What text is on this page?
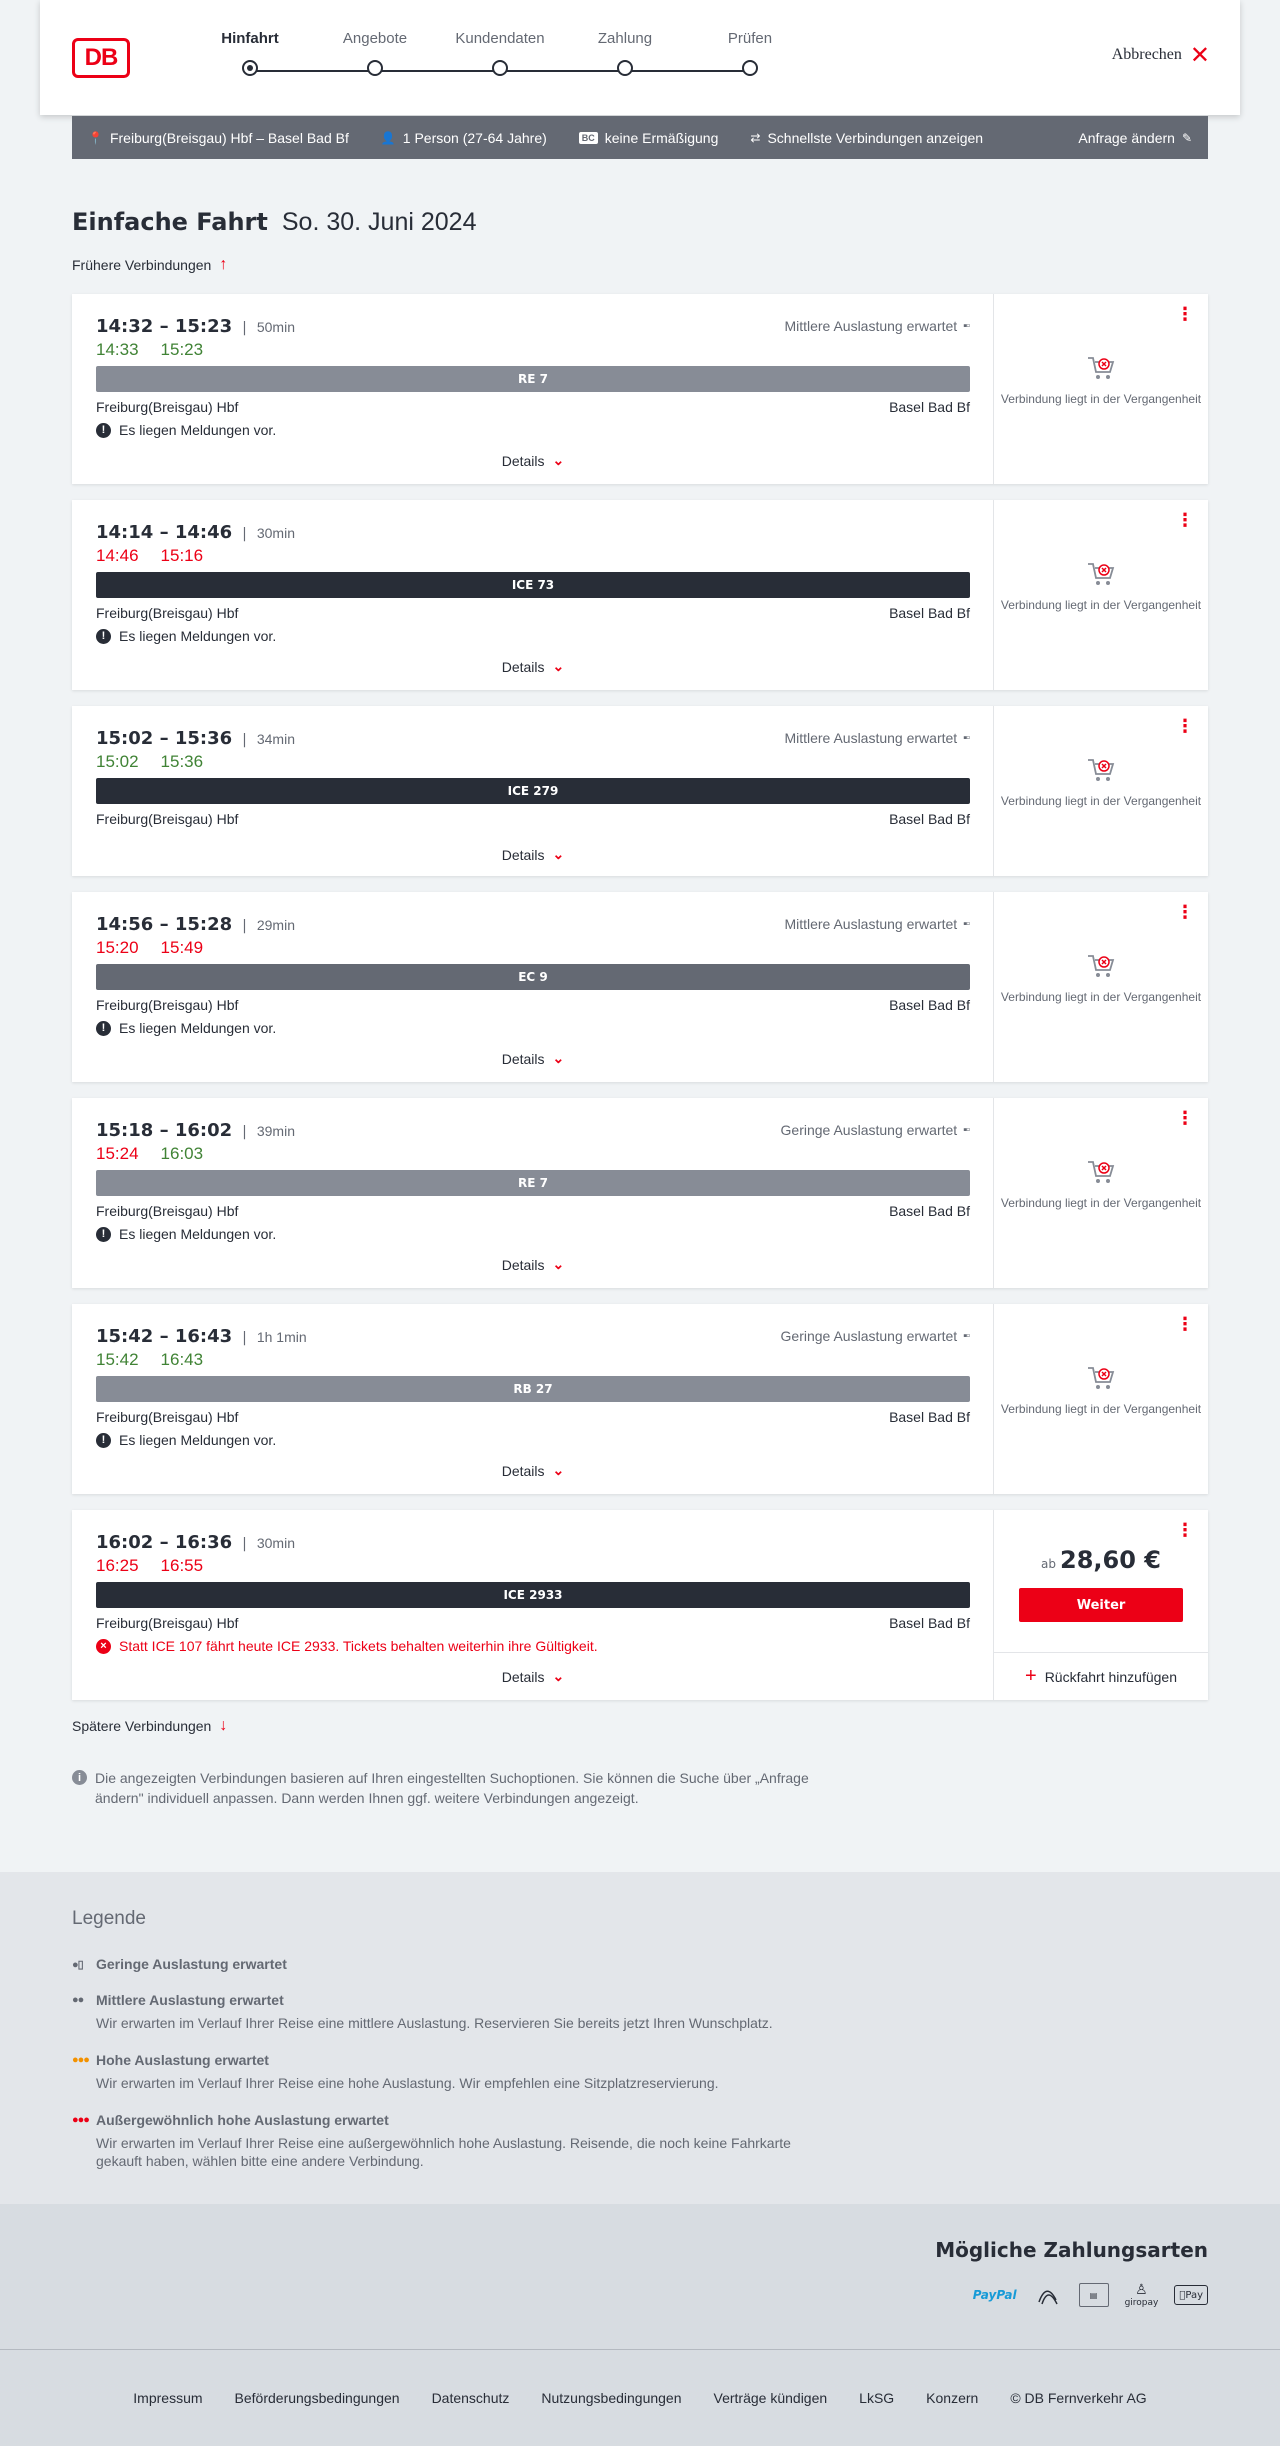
DB
Hinfahrt	Angebote	Kundendaten	Zahlung	Prüfen
Abbrechen ✕
📍 Freiburg(Breisgau) Hbf – Basel Bad Bf	👤 1 Person (27-64 Jahre)	BC keine Ermäßigung	⇄ Schnellste Verbindungen anzeigen	Anfrage ändern ✎
Einfache Fahrt So. 30. Juni 2024
Frühere Verbindungen ↑
14:32 – 15:23 | 50min
14:33 15:23
Mittlere Auslastung erwartet ▪▫
RE 7
Freiburg(Breisgau) Hbf	Basel Bad Bf
! Es liegen Meldungen vor.
Details ⌄
⋮
Verbindung liegt in der Vergangenheit
14:14 – 14:46 | 30min
14:46 15:16
ICE 73
Freiburg(Breisgau) Hbf	Basel Bad Bf
! Es liegen Meldungen vor.
Details ⌄
⋮
Verbindung liegt in der Vergangenheit
15:02 – 15:36 | 34min
15:02 15:36
Mittlere Auslastung erwartet ▪▫
ICE 279
Freiburg(Breisgau) Hbf	Basel Bad Bf
Details ⌄
⋮
Verbindung liegt in der Vergangenheit
14:56 – 15:28 | 29min
15:20 15:49
Mittlere Auslastung erwartet ▪▫
EC 9
Freiburg(Breisgau) Hbf	Basel Bad Bf
! Es liegen Meldungen vor.
Details ⌄
⋮
Verbindung liegt in der Vergangenheit
15:18 – 16:02 | 39min
15:24 16:03
Geringe Auslastung erwartet ▪▫
RE 7
Freiburg(Breisgau) Hbf	Basel Bad Bf
! Es liegen Meldungen vor.
Details ⌄
⋮
Verbindung liegt in der Vergangenheit
15:42 – 16:43 | 1h 1min
15:42 16:43
Geringe Auslastung erwartet ▪▫
RB 27
Freiburg(Breisgau) Hbf	Basel Bad Bf
! Es liegen Meldungen vor.
Details ⌄
⋮
Verbindung liegt in der Vergangenheit
16:02 – 16:36 | 30min
16:25 16:55
ICE 2933
Freiburg(Breisgau) Hbf	Basel Bad Bf
× Statt ICE 107 fährt heute ICE 2933. Tickets behalten weiterhin ihre Gültigkeit.
Details ⌄
⋮
ab 28,60 €
Weiter
+ Rückfahrt hinzufügen
Spätere Verbindungen ↓
i Die angezeigten Verbindungen basieren auf Ihren eingestellten Suchoptionen. Sie können die Suche über „Anfrage ändern" individuell anpassen. Dann werden Ihnen ggf. weitere Verbindungen angezeigt.
Legende
●▯ Geringe Auslastung erwartet
●● Mittlere Auslastung erwartet
Wir erwarten im Verlauf Ihrer Reise eine mittlere Auslastung. Reservieren Sie bereits jetzt Ihren Wunschplatz.
●●● Hohe Auslastung erwartet
Wir erwarten im Verlauf Ihrer Reise eine hohe Auslastung. Wir empfehlen eine Sitzplatzreservierung.
●●● Außergewöhnlich hohe Auslastung erwartet
Wir erwarten im Verlauf Ihrer Reise eine außergewöhnlich hohe Auslastung. Reisende, die noch keine Fahrkarte gekauft haben, wählen bitte eine andere Verbindung.
Mögliche Zahlungsarten
PayPal	▤	♙
giropay
Pay
Impressum Beförderungsbedingungen Datenschutz Nutzungsbedingungen Verträge kündigen LkSG Konzern © DB Fernverkehr AG
